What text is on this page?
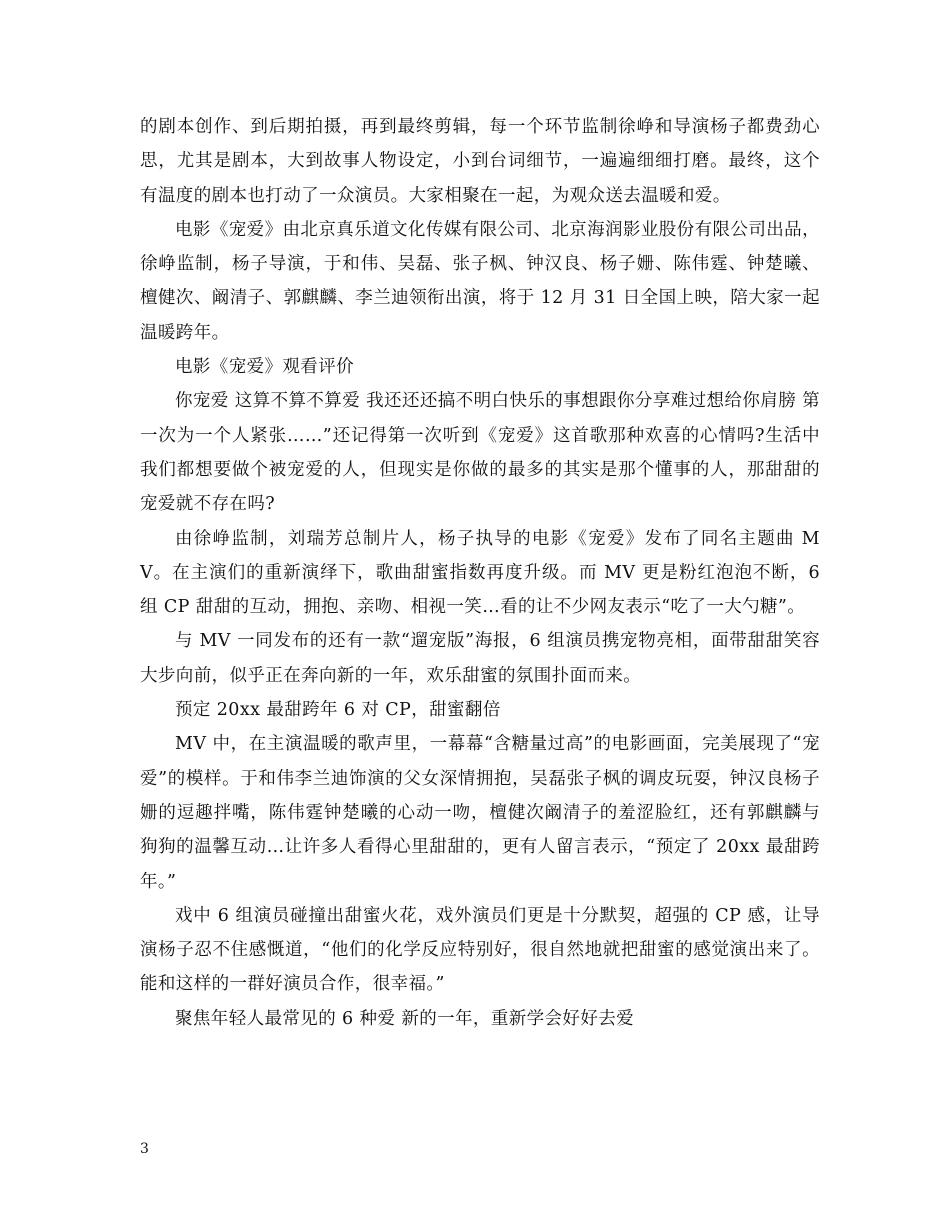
的剧本创作、到后期拍摄，再到最终剪辑，每一个环节监制徐峥和导演杨子都费劲心思，尤其是剧本，大到故事人物设定，小到台词细节，一遍遍细细打磨。最终，这个有温度的剧本也打动了一众演员。大家相聚在一起，为观众送去温暖和爱。

电影《宠爱》由北京真乐道文化传媒有限公司、北京海润影业股份有限公司出品，徐峥监制，杨子导演，于和伟、吴磊、张子枫、钟汉良、杨子姗、陈伟霆、钟楚曦、檀健次、阚清子、郭麒麟、李兰迪领衔出演，将于 12 月 31 日全国上映，陪大家一起温暖跨年。

电影《宠爱》观看评价

你宠爱 这算不算不算爱 我还还还搞不明白快乐的事想跟你分享难过想给你肩膀 第一次为一个人紧张……”还记得第一次听到《宠爱》这首歌那种欢喜的心情吗?生活中我们都想要做个被宠爱的人，但现实是你做的最多的其实是那个懂事的人，那甜甜的宠爱就不存在吗?

由徐峥监制，刘瑞芳总制片人，杨子执导的电影《宠爱》发布了同名主题曲 MV。在主演们的重新演绎下，歌曲甜蜜指数再度升级。而 MV 更是粉红泡泡不断，6 组 CP 甜甜的互动，拥抱、亲吻、相视一笑…看的让不少网友表示“吃了一大勺糖”。

与 MV 一同发布的还有一款“遛宠版”海报，6 组演员携宠物亮相，面带甜甜笑容大步向前，似乎正在奔向新的一年，欢乐甜蜜的氛围扑面而来。

预定 20xx 最甜跨年 6 对 CP，甜蜜翻倍

MV 中，在主演温暖的歌声里，一幕幕“含糖量过高”的电影画面，完美展现了“宠爱”的模样。于和伟李兰迪饰演的父女深情拥抱，吴磊张子枫的调皮玩耍，钟汉良杨子姗的逗趣拌嘴，陈伟霆钟楚曦的心动一吻，檀健次阚清子的羞涩脸红，还有郭麒麟与狗狗的温馨互动…让许多人看得心里甜甜的，更有人留言表示，“预定了 20xx 最甜跨年。”

戏中 6 组演员碰撞出甜蜜火花，戏外演员们更是十分默契，超强的 CP 感，让导演杨子忍不住感慨道，“他们的化学反应特别好，很自然地就把甜蜜的感觉演出来了。能和这样的一群好演员合作，很幸福。”

聚焦年轻人最常见的 6 种爱 新的一年，重新学会好好去爱

3
